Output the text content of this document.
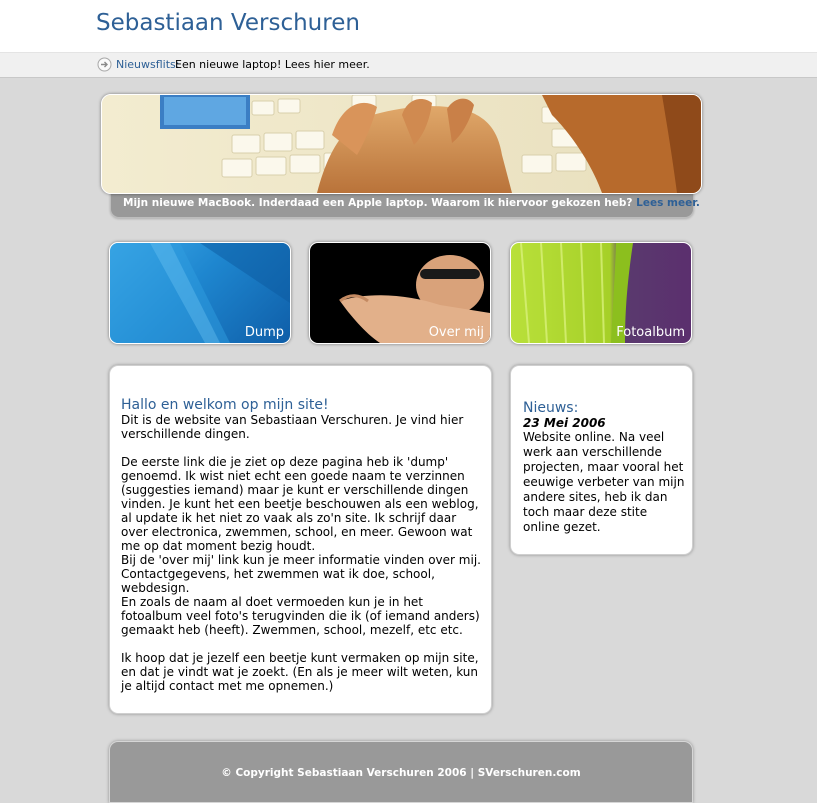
Sebastiaan Verschuren
Nieuwsflits:
Een nieuwe laptop! Lees hier meer.
Mijn nieuwe MacBook. Inderdaad een Apple laptop. Waarom ik hiervoor gekozen heb? Lees meer.
Dump	Over mij	Fotoalbum
Hallo en welkom op mijn site!

Dit is de website van Sebastiaan Verschuren. Je vind hier verschillende dingen.

De eerste link die je ziet op deze pagina heb ik 'dump' genoemd. Ik wist niet echt een goede naam te verzinnen (suggesties iemand) maar je kunt er verschillende dingen vinden. Je kunt het een beetje beschouwen als een weblog, al update ik het niet zo vaak als zo'n site. Ik schrijf daar over electronica, zwemmen, school, en meer. Gewoon wat me op dat moment bezig houdt.

Bij de 'over mij' link kun je meer informatie vinden over mij. Contactgegevens, het zwemmen wat ik doe, school, webdesign.

En zoals de naam al doet vermoeden kun je in het fotoalbum veel foto's terugvinden die ik (of iemand anders) gemaakt heb (heeft). Zwemmen, school, mezelf, etc etc.

Ik hoop dat je jezelf een beetje kunt vermaken op mijn site, en dat je vindt wat je zoekt. (En als je meer wilt weten, kun je altijd contact met me opnemen.)

Nieuws:
23 Mei 2006
Website online. Na veel werk aan verschillende projecten, maar vooral het eeuwige verbeter van mijn andere sites, heb ik dan toch maar deze stite online gezet.
© Copyright Sebastiaan Verschuren 2006 | SVerschuren.com
